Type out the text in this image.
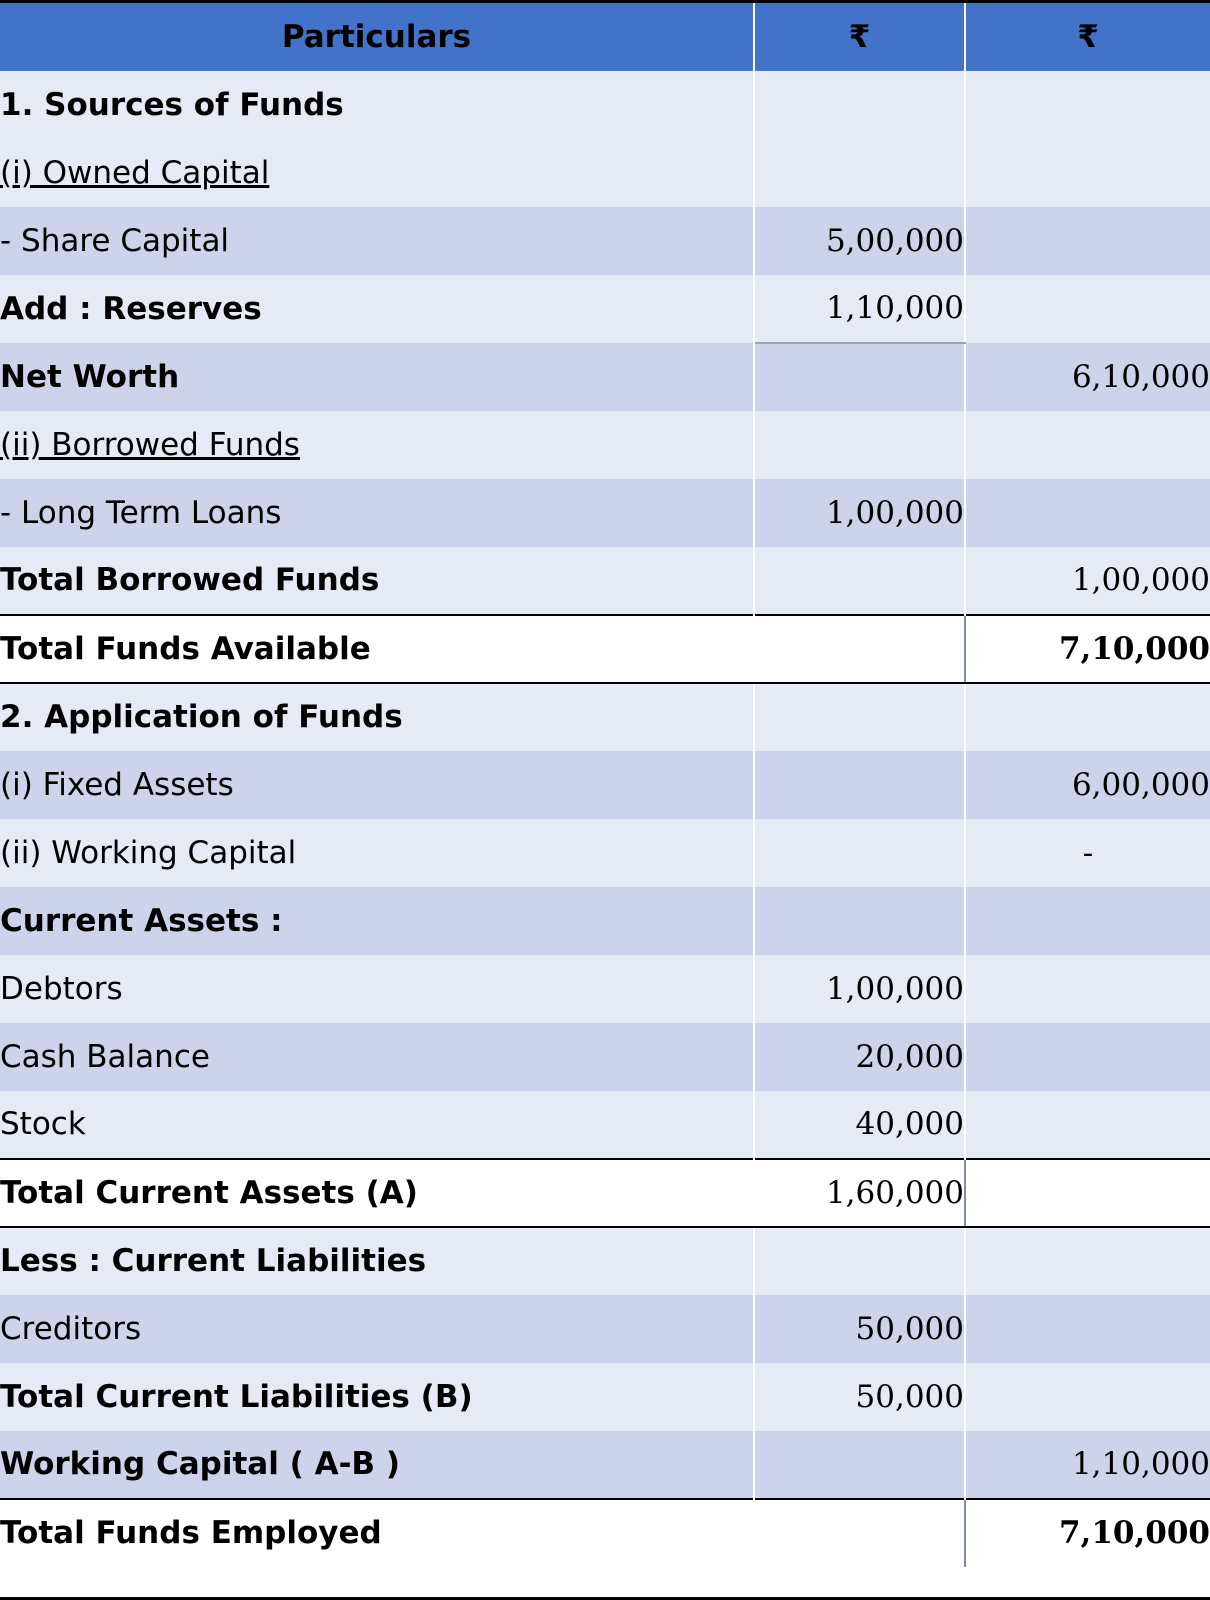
Particulars	₹	₹
1. Sources of Funds		
(i) Owned Capital		
- Share Capital	5,00,000	
Add : Reserves	1,10,000	
Net Worth		6,10,000
(ii) Borrowed Funds		
- Long Term Loans	1,00,000	
Total Borrowed Funds		1,00,000
Total Funds Available		7,10,000
2. Application of Funds		
(i) Fixed Assets		6,00,000
(ii) Working Capital		-
Current Assets :		
Debtors	1,00,000	
Cash Balance	20,000	
Stock	40,000	
Total Current Assets (A)	1,60,000	
Less : Current Liabilities		
Creditors	50,000	
Total Current Liabilities (B)	50,000	
Working Capital ( A-B )		1,10,000
Total Funds Employed		7,10,000
